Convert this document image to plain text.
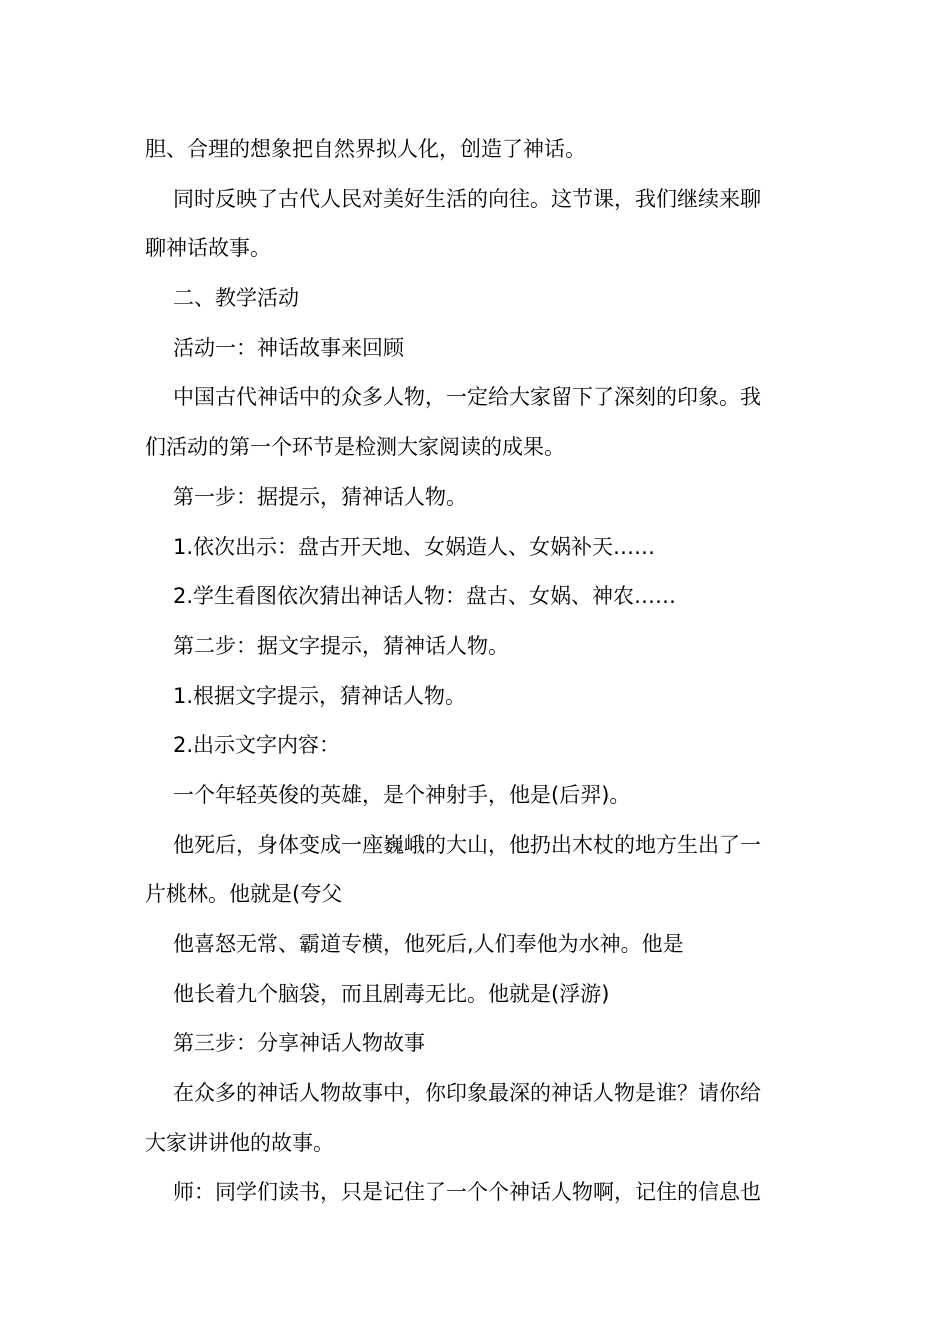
胆、合理的想象把自然界拟人化，创造了神话。
同时反映了古代人民对美好生活的向往。这节课，我们继续来聊
聊神话故事。
二、教学活动
活动一：神话故事来回顾
中国古代神话中的众多人物，一定给大家留下了深刻的印象。我
们活动的第一个环节是检测大家阅读的成果。
第一步：据提示，猜神话人物。
1.依次出示：盘古开天地、女娲造人、女娲补天……
2.学生看图依次猜出神话人物：盘古、女娲、神农……
第二步：据文字提示，猜神话人物。
1.根据文字提示，猜神话人物。
2.出示文字内容：
一个年轻英俊的英雄，是个神射手，他是(后羿)。
他死后，身体变成一座巍峨的大山，他扔出木杖的地方生出了一
片桃林。他就是(夸父
他喜怒无常、霸道专横，他死后,人们奉他为水神。他是
他长着九个脑袋，而且剧毒无比。他就是(浮游)
第三步：分享神话人物故事
在众多的神话人物故事中，你印象最深的神话人物是谁？请你给
大家讲讲他的故事。
师：同学们读书，只是记住了一个个神话人物啊，记住的信息也
